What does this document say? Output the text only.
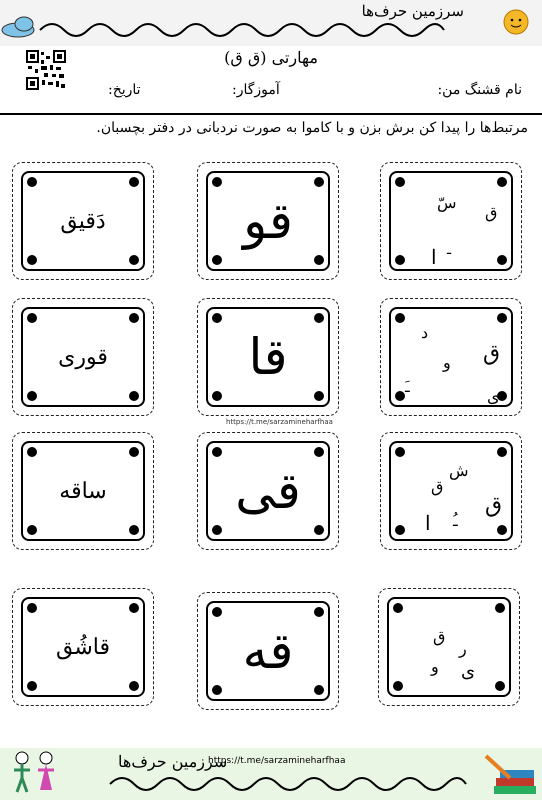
سرزمین حرف‌ها
مهارتی (ق ق)
نام قشنگ من:
آموزگار:
تاریخ:
مرتبط‌ها را پیدا کن برش بزن و با کاموا به صورت نردبانی در دفتر بچسبان.
دَقیق	قو	ق
سّ
ـ
ا
قوری	قا	د
ق
و
ـَ
ی
https://t.me/sarzamineharfhaa
ساقه	قی	ش
ق
ق
ـُ
ا
قاشُق	قه	ق
ر
ی
و
سرزمین حرف‌ها
https://t.me/sarzamineharfhaa
